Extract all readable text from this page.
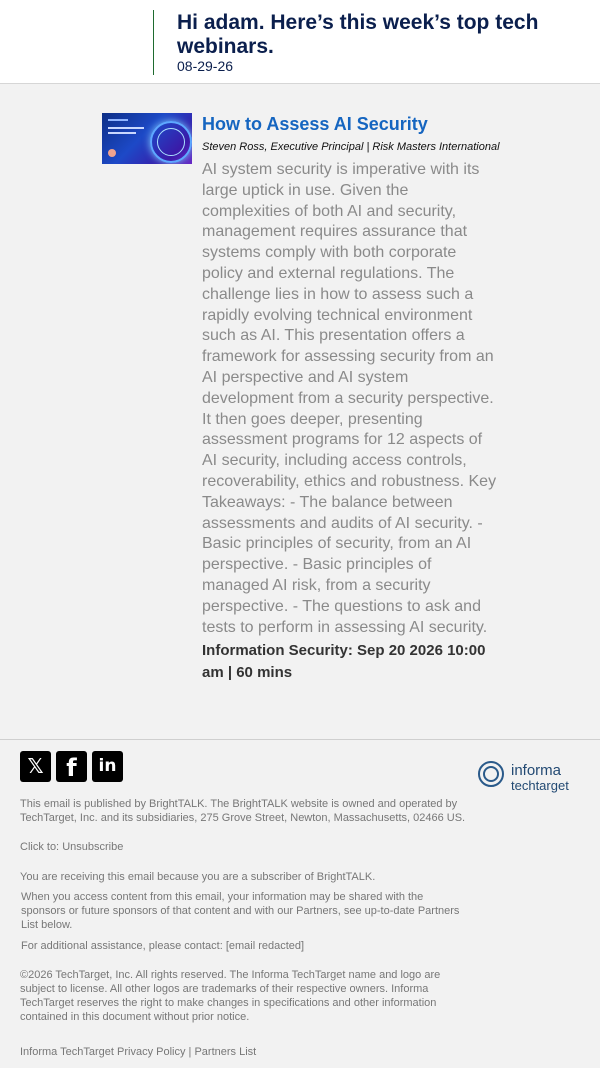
Hi adam. Here’s this week’s top tech webinars.
08-29-26
How to Assess AI Security
Steven Ross, Executive Principal | Risk Masters International
AI system security is imperative with its large uptick in use. Given the complexities of both AI and security, management requires assurance that systems comply with both corporate policy and external regulations. The challenge lies in how to assess such a rapidly evolving technical environment such as AI. This presentation offers a framework for assessing security from an AI perspective and AI system development from a security perspective. It then goes deeper, presenting assessment programs for 12 aspects of AI security, including access controls, recoverability, ethics and robustness. Key Takeaways: - The balance between assessments and audits of AI security. - Basic principles of security, from an AI perspective. - Basic principles of managed AI risk, from a security perspective. - The questions to ask and tests to perform in assessing AI security.
Information Security: Sep 20 2026 10:00 am | 60 mins
𝕏 f	in	informa
techtarget
This email is published by BrightTALK. The BrightTALK website is owned and operated by TechTarget, Inc. and its subsidiaries, 275 Grove Street, Newton, Massachusetts, 02466 US.
Click to: Unsubscribe
You are receiving this email because you are a subscriber of BrightTALK.
When you access content from this email, your information may be shared with the sponsors or future sponsors of that content and with our Partners, see up-to-date Partners List below.
For additional assistance, please contact: [email redacted]
©2026 TechTarget, Inc. All rights reserved. The Informa TechTarget name and logo are subject to license. All other logos are trademarks of their respective owners. Informa TechTarget reserves the right to make changes in specifications and other information contained in this document without prior notice.
Informa TechTarget Privacy Policy | Partners List
